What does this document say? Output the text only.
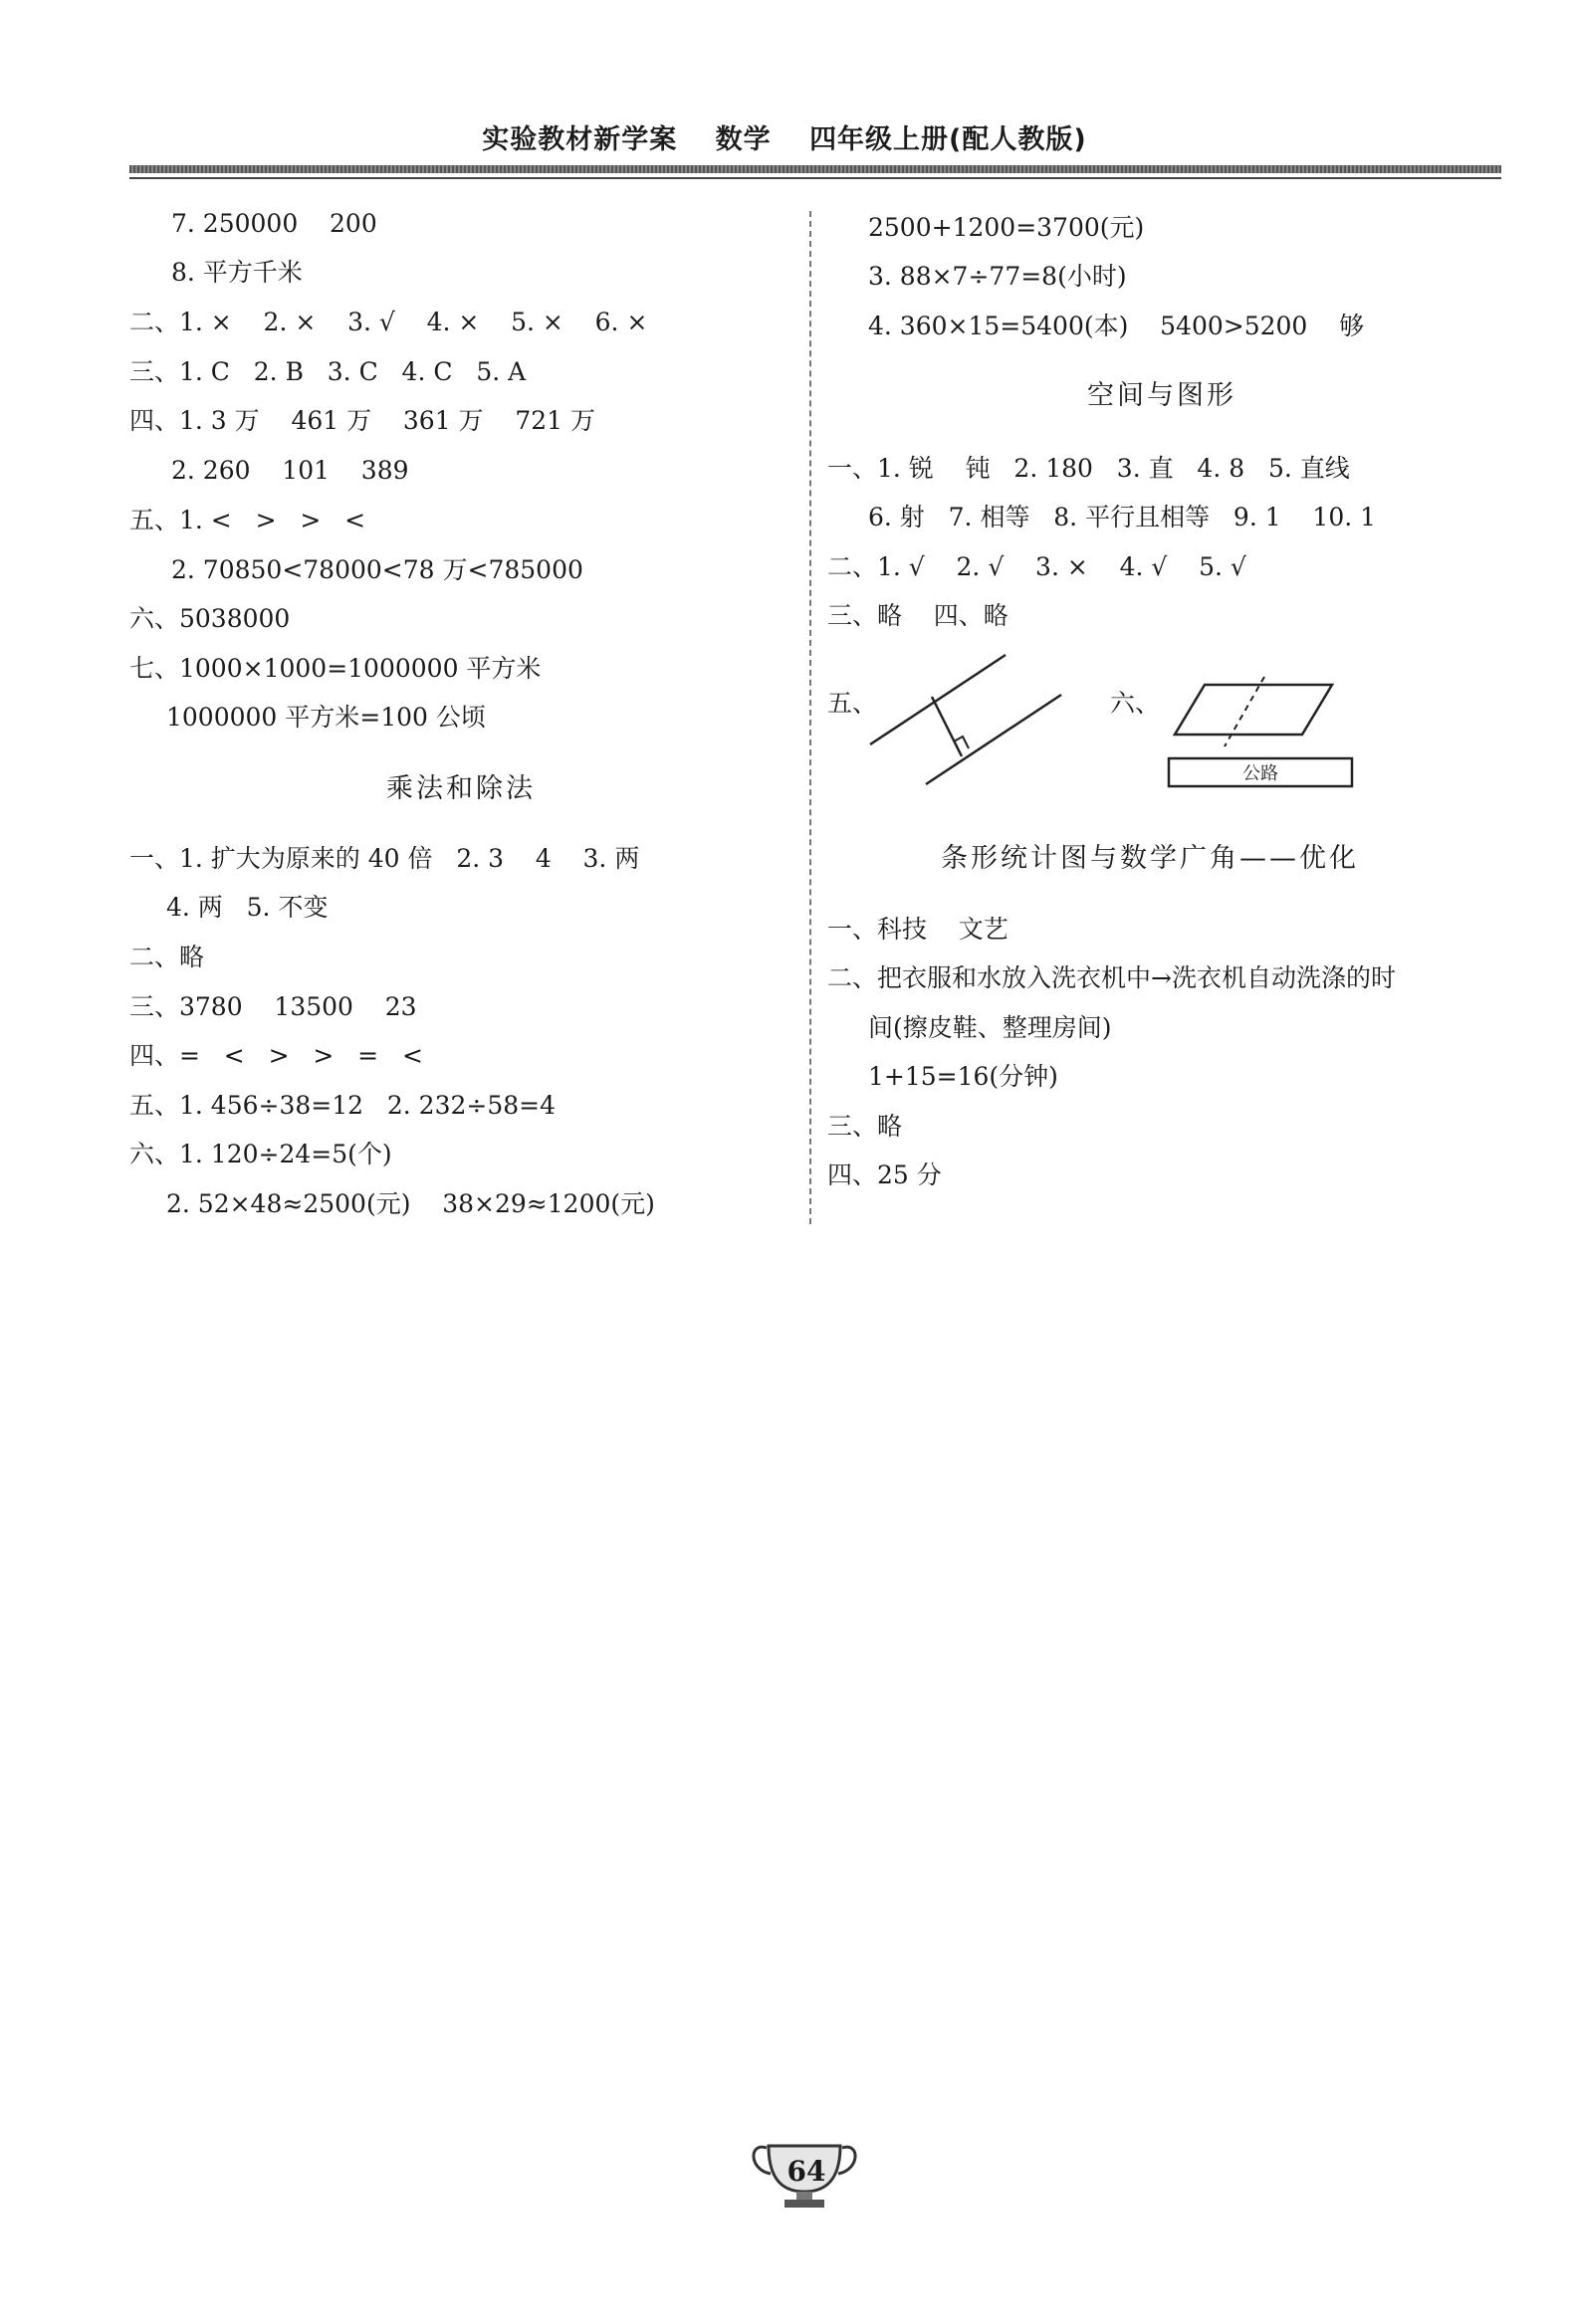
实验教材新学案 数学 四年级上册(配人教版)
7. 250000    200
8. 平方千米
二、1. ×    2. ×    3. √    4. ×    5. ×    6. ×
三、1. C   2. B   3. C   4. C   5. A
四、1. 3 万    461 万    361 万    721 万
2. 260    101    389
五、1. <   >   >   <
2. 70850<78000<78 万<785000
六、5038000
七、1000×1000=1000000 平方米
1000000 平方米=100 公顷
乘法和除法
一、1. 扩大为原来的 40 倍   2. 3    4    3. 两
4. 两   5. 不变
二、略
三、3780    13500    23
四、=   <   >   >   =   <
五、1. 456÷38=12   2. 232÷58=4
六、1. 120÷24=5(个)
2. 52×48≈2500(元)    38×29≈1200(元)
2500+1200=3700(元)
3. 88×7÷77=8(小时)
4. 360×15=5400(本)    5400>5200    够
空间与图形
一、1. 锐    钝   2. 180   3. 直   4. 8   5. 直线
6. 射   7. 相等   8. 平行且相等   9. 1    10. 1
二、1. √    2. √    3. ×    4. √    5. √
三、略    四、略
五、	六、
公路
条形统计图与数学广角——优化
一、科技    文艺
二、把衣服和水放入洗衣机中→洗衣机自动洗涤的时
间(擦皮鞋、整理房间)
1+15=16(分钟)
三、略
四、25 分
64
